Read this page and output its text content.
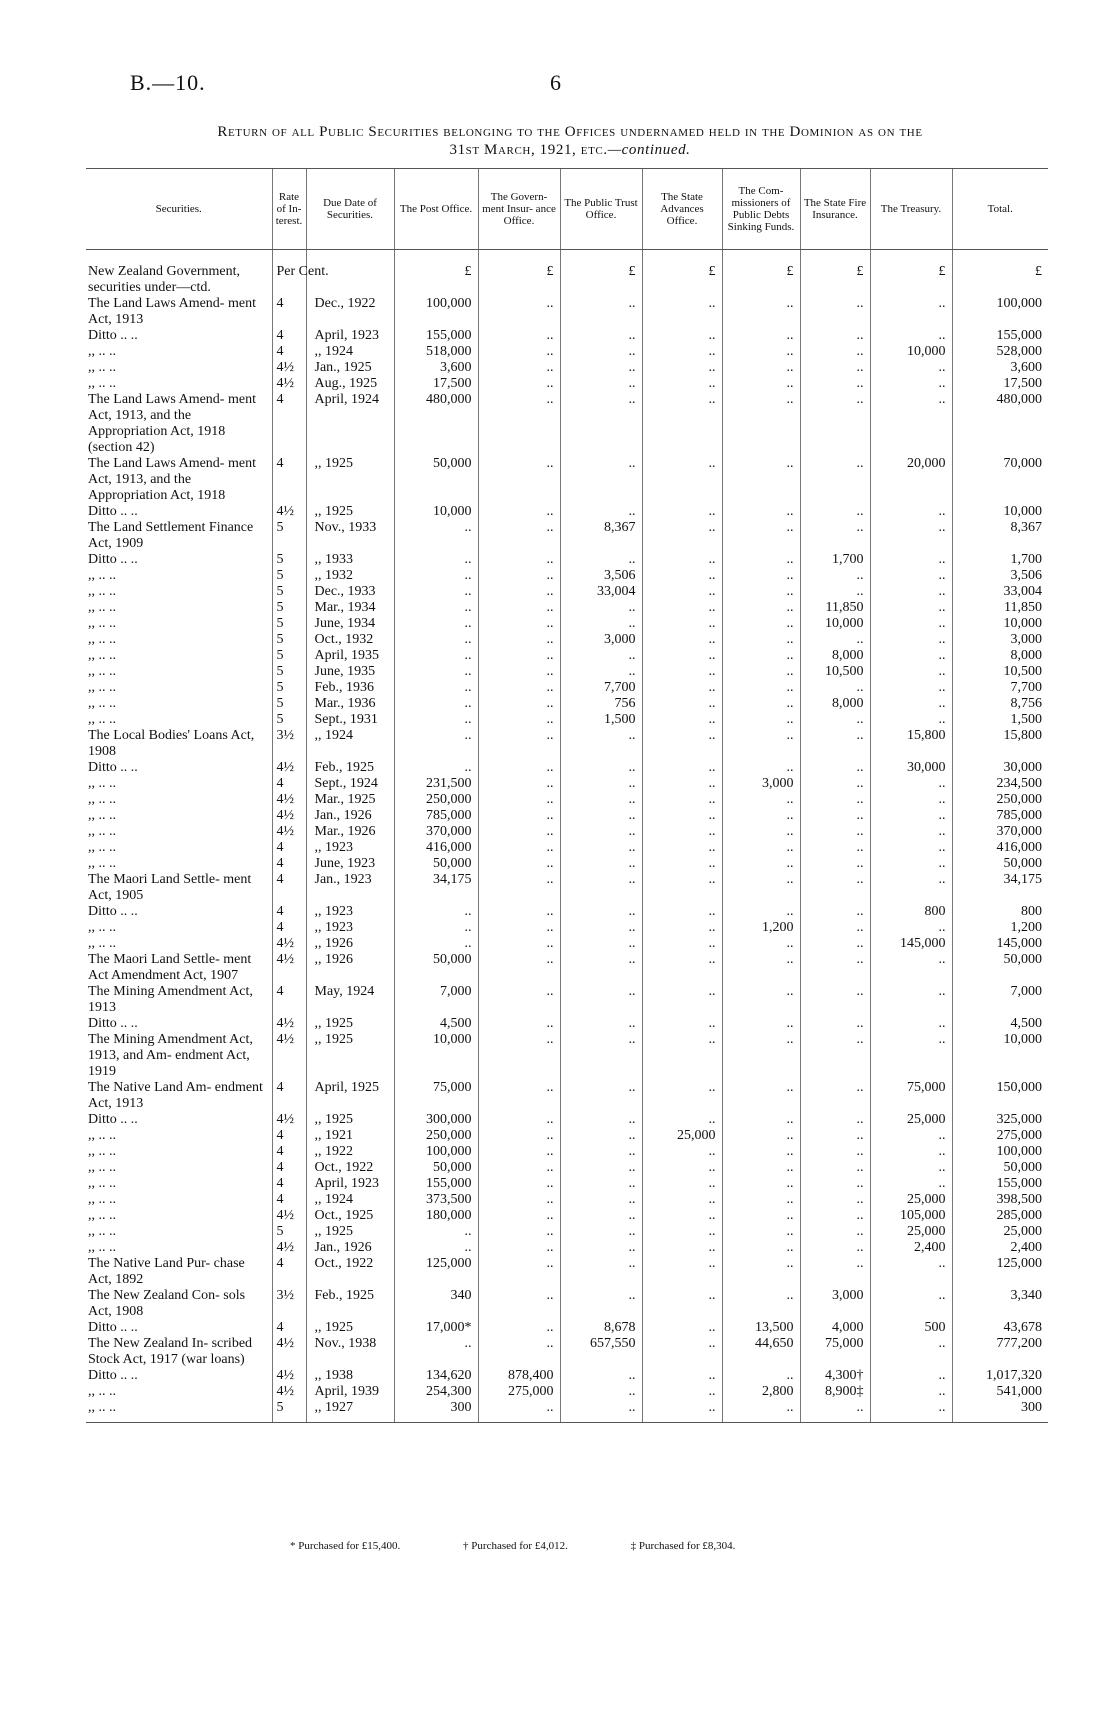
B.—10.	6
Return of all Public Securities belonging to the Offices undernamed held in the Dominion as on the
31st March, 1921, etc.—continued.
Securities.	Rate of In- terest.	Due Date of Securities.	The Post Office.	The Govern- ment Insur- ance Office.	The Public Trust Office.	The State Advances Office.	The Com- missioners of Public Debts Sinking Funds.	The State Fire Insurance.	The Treasury.	Total.
New Zealand Government, securities under—ctd.	Per Cent.		£	£	£	£	£	£	£	£
The Land Laws Amend- ment Act, 1913	4	Dec., 1922	100,000	..	..	..	..	..	..	100,000
Ditto .. ..	4	April, 1923	155,000	..	..	..	..	..	..	155,000
,, .. ..	4	,, 1924	518,000	..	..	..	..	..	10,000	528,000
,, .. ..	4½	Jan., 1925	3,600	..	..	..	..	..	..	3,600
,, .. ..	4½	Aug., 1925	17,500	..	..	..	..	..	..	17,500
The Land Laws Amend- ment Act, 1913, and the Appropriation Act, 1918 (section 42)	4	April, 1924	480,000	..	..	..	..	..	..	480,000
The Land Laws Amend- ment Act, 1913, and the Appropriation Act, 1918	4	,, 1925	50,000	..	..	..	..	..	20,000	70,000
Ditto .. ..	4½	,, 1925	10,000	..	..	..	..	..	..	10,000
The Land Settlement Finance Act, 1909	5	Nov., 1933	..	..	8,367	..	..	..	..	8,367
Ditto .. ..	5	,, 1933	..	..	..	..	..	1,700	..	1,700
,, .. ..	5	,, 1932	..	..	3,506	..	..	..	..	3,506
,, .. ..	5	Dec., 1933	..	..	33,004	..	..	..	..	33,004
,, .. ..	5	Mar., 1934	..	..	..	..	..	11,850	..	11,850
,, .. ..	5	June, 1934	..	..	..	..	..	10,000	..	10,000
,, .. ..	5	Oct., 1932	..	..	3,000	..	..	..	..	3,000
,, .. ..	5	April, 1935	..	..	..	..	..	8,000	..	8,000
,, .. ..	5	June, 1935	..	..	..	..	..	10,500	..	10,500
,, .. ..	5	Feb., 1936	..	..	7,700	..	..	..	..	7,700
,, .. ..	5	Mar., 1936	..	..	756	..	..	8,000	..	8,756
,, .. ..	5	Sept., 1931	..	..	1,500	..	..	..	..	1,500
The Local Bodies' Loans Act, 1908	3½	,, 1924	..	..	..	..	..	..	15,800	15,800
Ditto .. ..	4½	Feb., 1925	..	..	..	..	..	..	30,000	30,000
,, .. ..	4	Sept., 1924	231,500	..	..	..	3,000	..	..	234,500
,, .. ..	4½	Mar., 1925	250,000	..	..	..	..	..	..	250,000
,, .. ..	4½	Jan., 1926	785,000	..	..	..	..	..	..	785,000
,, .. ..	4½	Mar., 1926	370,000	..	..	..	..	..	..	370,000
,, .. ..	4	,, 1923	416,000	..	..	..	..	..	..	416,000
,, .. ..	4	June, 1923	50,000	..	..	..	..	..	..	50,000
The Maori Land Settle- ment Act, 1905	4	Jan., 1923	34,175	..	..	..	..	..	..	34,175
Ditto .. ..	4	,, 1923	..	..	..	..	..	..	800	800
,, .. ..	4	,, 1923	..	..	..	..	1,200	..	..	1,200
,, .. ..	4½	,, 1926	..	..	..	..	..	..	145,000	145,000
The Maori Land Settle- ment Act Amendment Act, 1907	4½	,, 1926	50,000	..	..	..	..	..	..	50,000
The Mining Amendment Act, 1913	4	May, 1924	7,000	..	..	..	..	..	..	7,000
Ditto .. ..	4½	,, 1925	4,500	..	..	..	..	..	..	4,500
The Mining Amendment Act, 1913, and Am- endment Act, 1919	4½	,, 1925	10,000	..	..	..	..	..	..	10,000
The Native Land Am- endment Act, 1913	4	April, 1925	75,000	..	..	..	..	..	75,000	150,000
Ditto .. ..	4½	,, 1925	300,000	..	..	..	..	..	25,000	325,000
,, .. ..	4	,, 1921	250,000	..	..	25,000	..	..	..	275,000
,, .. ..	4	,, 1922	100,000	..	..	..	..	..	..	100,000
,, .. ..	4	Oct., 1922	50,000	..	..	..	..	..	..	50,000
,, .. ..	4	April, 1923	155,000	..	..	..	..	..	..	155,000
,, .. ..	4	,, 1924	373,500	..	..	..	..	..	25,000	398,500
,, .. ..	4½	Oct., 1925	180,000	..	..	..	..	..	105,000	285,000
,, .. ..	5	,, 1925	..	..	..	..	..	..	25,000	25,000
,, .. ..	4½	Jan., 1926	..	..	..	..	..	..	2,400	2,400
The Native Land Pur- chase Act, 1892	4	Oct., 1922	125,000	..	..	..	..	..	..	125,000
The New Zealand Con- sols Act, 1908	3½	Feb., 1925	340	..	..	..	..	3,000	..	3,340
Ditto .. ..	4	,, 1925	17,000*	..	8,678	..	13,500	4,000	500	43,678
The New Zealand In- scribed Stock Act, 1917 (war loans)	4½	Nov., 1938	..	..	657,550	..	44,650	75,000	..	777,200
Ditto .. ..	4½	,, 1938	134,620	878,400	..	..	..	4,300†	..	1,017,320
,, .. ..	4½	April, 1939	254,300	275,000	..	..	2,800	8,900‡	..	541,000
,, .. ..	5	,, 1927	300	..	..	..	..	..	..	300
* Purchased for £15,400.	† Purchased for £4,012.	‡ Purchased for £8,304.
